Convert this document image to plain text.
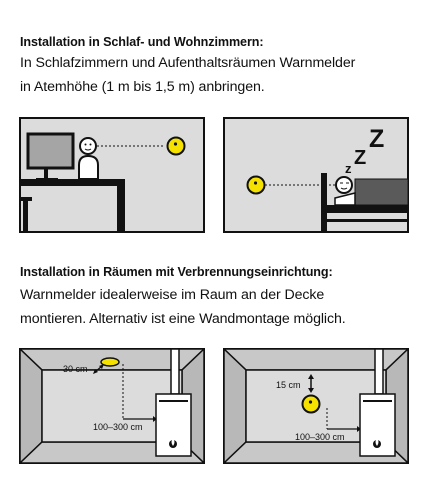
Installation in Schlaf- und Wohnzimmern:
In Schlafzimmern und Aufenthaltsräumen Warnmelder
in Atemhöhe (1 m bis 1,5 m) anbringen.
z Z
Z
Installation in Räumen mit Verbrennungseinrichtung:
Warnmelder idealerweise im Raum an der Decke
montieren. Alternativ ist eine Wandmontage möglich.
30 cm
100–300 cm
15 cm
100–300 cm
